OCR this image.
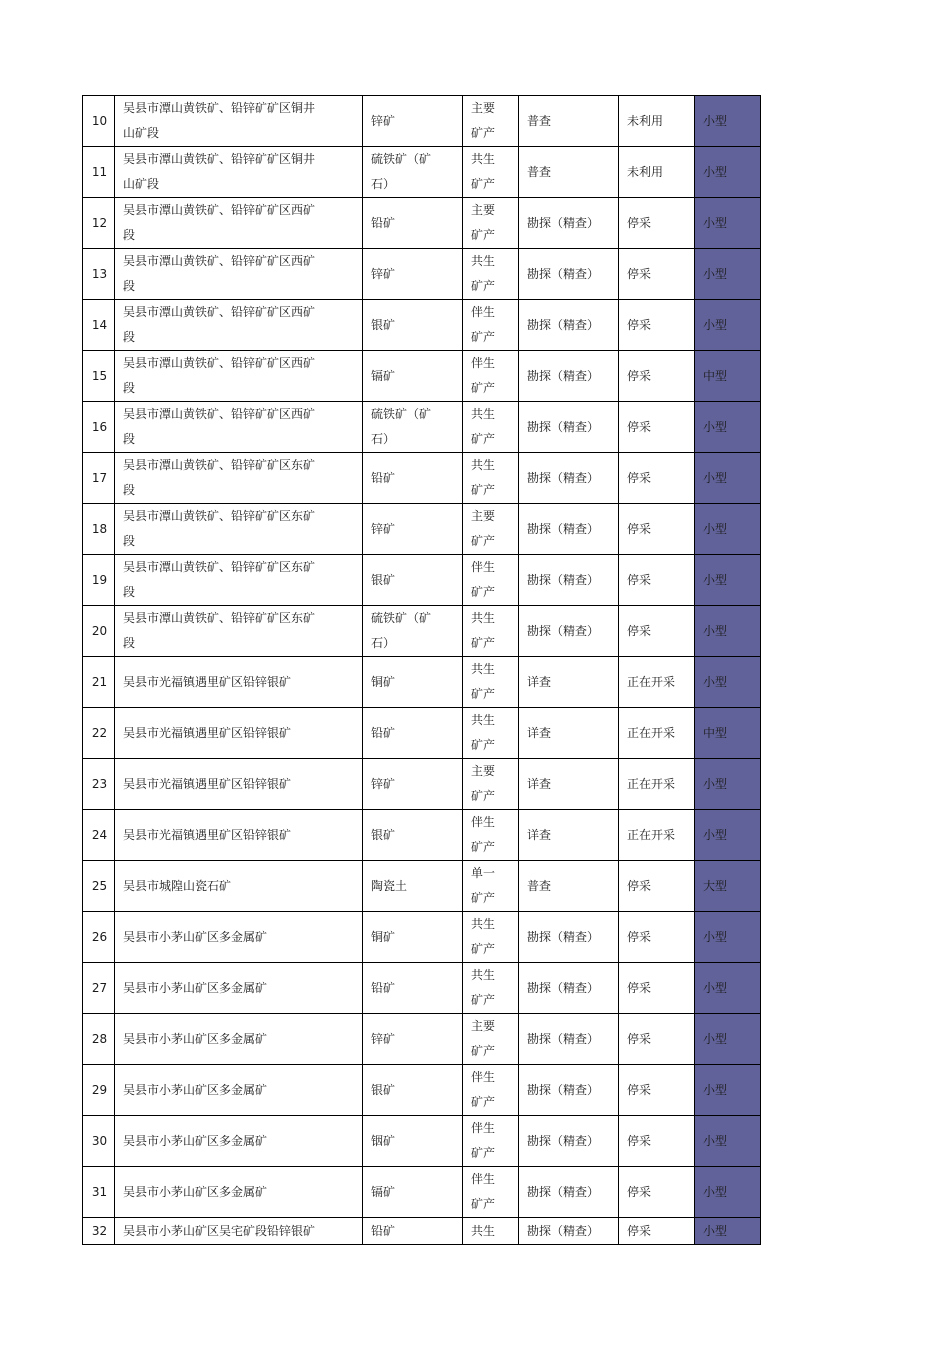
10	吴县市潭山黄铁矿、铅锌矿矿区铜井
山矿段	锌矿	主要
矿产	普查	未利用	小型

11	吴县市潭山黄铁矿、铅锌矿矿区铜井
山矿段	硫铁矿（矿
石）	共生
矿产	普查	未利用	小型

12	吴县市潭山黄铁矿、铅锌矿矿区西矿
段	铅矿	主要
矿产	勘探（精查）	停采	小型

13	吴县市潭山黄铁矿、铅锌矿矿区西矿
段	锌矿	共生
矿产	勘探（精查）	停采	小型

14	吴县市潭山黄铁矿、铅锌矿矿区西矿
段	银矿	伴生
矿产	勘探（精查）	停采	小型

15	吴县市潭山黄铁矿、铅锌矿矿区西矿
段	镉矿	伴生
矿产	勘探（精查）	停采	中型

16	吴县市潭山黄铁矿、铅锌矿矿区西矿
段	硫铁矿（矿
石）	共生
矿产	勘探（精查）	停采	小型

17	吴县市潭山黄铁矿、铅锌矿矿区东矿
段	铅矿	共生
矿产	勘探（精查）	停采	小型

18	吴县市潭山黄铁矿、铅锌矿矿区东矿
段	锌矿	主要
矿产	勘探（精查）	停采	小型

19	吴县市潭山黄铁矿、铅锌矿矿区东矿
段	银矿	伴生
矿产	勘探（精查）	停采	小型

20	吴县市潭山黄铁矿、铅锌矿矿区东矿
段	硫铁矿（矿
石）	共生
矿产	勘探（精查）	停采	小型

21	吴县市光福镇遇里矿区铅锌银矿	铜矿	共生
矿产	详查	正在开采	小型

22	吴县市光福镇遇里矿区铅锌银矿	铅矿	共生
矿产	详查	正在开采	中型

23	吴县市光福镇遇里矿区铅锌银矿	锌矿	主要
矿产	详查	正在开采	小型

24	吴县市光福镇遇里矿区铅锌银矿	银矿	伴生
矿产	详查	正在开采	小型

25	吴县市城隍山瓷石矿	陶瓷土	单一
矿产	普查	停采	大型

26	吴县市小茅山矿区多金属矿	铜矿	共生
矿产	勘探（精查）	停采	小型

27	吴县市小茅山矿区多金属矿	铅矿	共生
矿产	勘探（精查）	停采	小型

28	吴县市小茅山矿区多金属矿	锌矿	主要
矿产	勘探（精查）	停采	小型

29	吴县市小茅山矿区多金属矿	银矿	伴生
矿产	勘探（精查）	停采	小型

30	吴县市小茅山矿区多金属矿	铟矿	伴生
矿产	勘探（精查）	停采	小型

31	吴县市小茅山矿区多金属矿	镉矿	伴生
矿产	勘探（精查）	停采	小型

32	吴县市小茅山矿区吴宅矿段铅锌银矿	铅矿	共生	勘探（精查）	停采	小型
